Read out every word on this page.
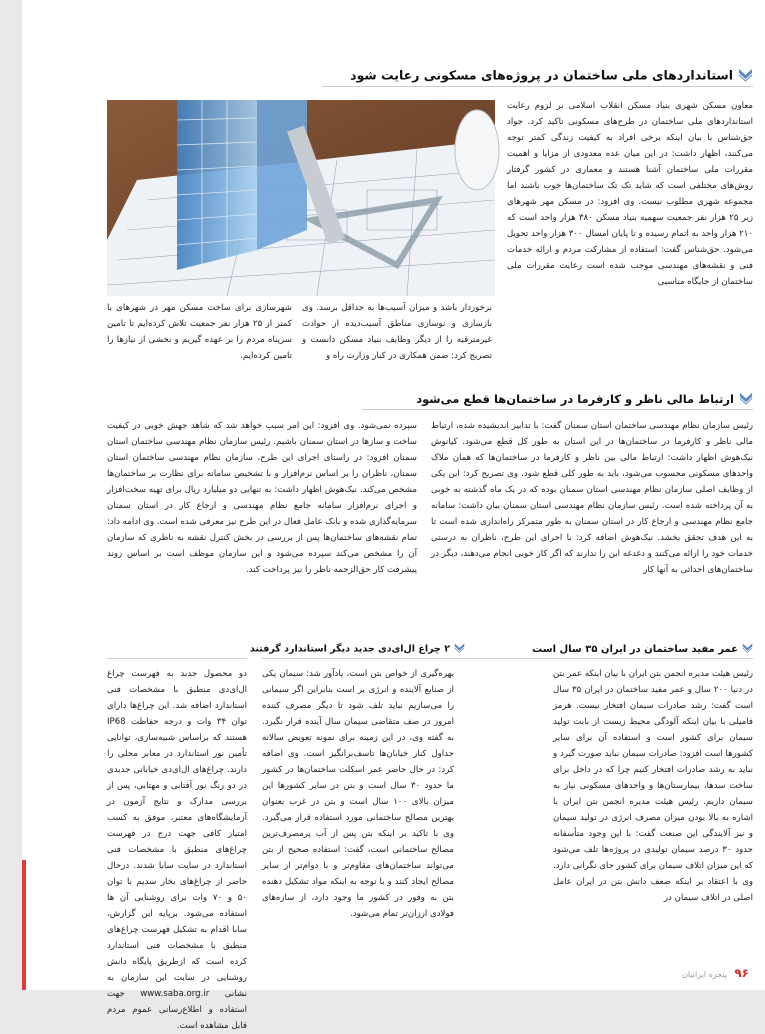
استانداردهای ملی ساختمان در پروژه‌های مسکونی رعایت شود
معاون مسکن شهری بنیاد مسکن انقلاب اسلامی بر لزوم رعایت استانداردهای ملی ساختمان در طرح‌های مسکونی تاکید کرد. جواد حق‌شناس با بیان اینکه برخی افراد به کیفیت زندگی کمتر توجه می‌کنند، اظهار داشت: در این میان عده معدودی از مزایا و اهمیت مقررات ملی ساختمان آشنا هستند و معماری در کشور گرفتار روش‌های مختلفی است که شاید تک تک ساختمان‌ها خوب باشند اما مجموعه شهری مطلوب نیست. وی افزود: در مسکن مهر شهرهای زیر ۲۵ هزار نفر جمعیت سهمیه بنیاد مسکن ۳۸۰ هزار واحد است که ۲۱۰ هزار واحد به اتمام رسیده و تا پایان امسال ۳۰۰ هزار واحد تحویل می‌شود. حق‌شناس گفت: استفاده از مشارکت مردم و ارائه خدمات فنی و نقشه‌های مهندسی موجب شده است رعایت مقررات ملی ساختمان از جایگاه مناسبی
برخوردار باشد و میزان آسیب‌ها به حداقل برسد. وی بازسازی و نوسازی مناطق آسیب‌دیده از حوادث غیرمترقبه را از دیگر وظایف بنیاد مسکن دانست و تصریح کرد: ضمن همکاری در کنار وزارت راه و
شهرسازی برای ساخت مسکن مهر در شهرهای با کمتر از ۲۵ هزار نفر جمعیت تلاش کرده‌ایم تا تامین سرپناه مردم را بر عهده گیریم و بخشی از نیازها را تامین کرده‌ایم.
ارتباط مالی ناظر و کارفرما در ساختمان‌ها قطع می‌شود
رئیس سازمان نظام مهندسی ساختمان استان سمنان گفت: با تدابیر اندیشیده شده، ارتباط مالی ناظر و کارفرما در ساختمان‌ها در این استان به طور کل قطع می‌شود. کیانوش نیک‌هوش اظهار داشت: ارتباط مالی بین ناظر و کارفرما در ساختمان‌ها که همان ملاک واحدهای مسکونی محسوب می‌شود، باید به طور کلی قطع شود. وی تصریح کرد: این یکی از وظایف اصلی سازمان نظام مهندسی استان سمنان بوده که در یک ماه گذشته به خوبی به آن پرداخته شده است. رئیس سازمان نظام مهندسی استان سمنان بیان داشت: سامانه جامع نظام مهندسی و ارجاع کار در استان سمنان به طور متمرکز راه‌اندازی شده است تا به این هدف تحقق بخشد. نیک‌هوش اضافه کرد: با اجرای این طرح، ناظران به درستی خدمات خود را ارائه می‌کنند و دغدغه این را ندارند که اگر کار خوبی انجام می‌دهند، دیگر در ساختمان‌های احداثی به آنها کار
سپرده نمی‌شود. وی افزود: این امر سبب خواهد شد که شاهد جهش خوبی در کیفیت ساخت و سازها در استان سمنان باشیم. رئیس سازمان نظام مهندسی ساختمان استان سمنان افزود: در راستای اجرای این طرح، سازمان نظام مهندسی ساختمان استان سمنان، ناظران را بر اساس نرم‌افزار و با تشخیص سامانه برای نظارت بر ساختمان‌ها مشخص می‌کند. نیک‌هوش اظهار داشت: به تنهایی دو میلیارد ریال برای تهیه سخت‌افزار و اجرای نرم‌افزار سامانه جامع نظام مهندسی و ارجاع کار در استان سمنان سرمایه‌گذاری شده و بانک عامل فعال در این طرح نیز معرفی شده است. وی ادامه داد: تمام نقشه‌های ساختمان‌ها پس از بررسی در بخش کنترل نقشه به ناظری که سازمان آن را مشخص می‌کند سپرده می‌شود و این سازمان موظف است بر اساس روند پیشرفت کار حق‌الزحمه ناظر را نیز پرداخت کند.
عمر مفید ساختمان در ایران ۳۵ سال است
رئیس هیئت مدیره انجمن بتن ایران با بیان اینکه عمر بتن در دنیا ۲۰۰ سال و عمر مفید ساختمان در ایران ۳۵ سال است گفت: رشد صادرات سیمان افتخار نیست. هرمز فامیلی با بیان اینکه آلودگی محیط زیست از بابت تولید سیمان برای کشور است و استفاده آن برای سایر کشورها است افزود: صادرات سیمان نباید صورت گیرد و نباید به رشد صادرات افتخار کنیم چرا که در داخل برای ساخت سدها، بیمارستان‌ها و واحدهای مسکونی نیاز به سیمان داریم. رئیس هیئت مدیره انجمن بتن ایران با اشاره به بالا بودن میزان مصرف انرژی در تولید سیمان و نیز آلایندگی این صنعت گفت: با این وجود متأسفانه حدود ۳۰ درصد سیمان تولیدی در پروژه‌ها تلف می‌شود که این میزان اتلاف سیمان برای کشور جای نگرانی دارد. وی با اعتقاد بر اینکه ضعف دانش بتن در ایران عامل اصلی در اتلاف سیمان در
بهره‌گیری از خواص بتن است، یادآور شد: سیمان یکی از صنایع آلاینده و انرژی بر است بنابراین اگر سیمانی را می‌سازیم نباید تلف شود تا دیگر مصرف کننده امروز در صف متقاضی سیمان سال آینده قرار نگیرد. به گفته وی، در این زمینه برای نمونه تعویض سالانه جداول کنار خیابان‌ها تاسف‌برانگیز است. وی اضافه کرد: در حال حاضر عمر اسکلت ساختمان‌ها در کشور ما حدود ۳۰ سال است و بتن در سایر کشورها این میزان بالای ۱۰۰ سال است و بتن در غرب بعنوان بهترین مصالح ساختمانی مورد استفاده قرار می‌گیرد. وی با تاکید بر اینکه بتن پس از آب پرمصرف‌ترین مصالح ساختمانی است، گفت: استفاده صحیح از بتن می‌تواند ساختمان‌های مقاوم‌تر و با دوام‌تر از سایر مصالح ایجاد کنند و با توجه به اینکه مواد تشکیل دهنده بتن به وفور در کشور ما وجود دارد، از سازه‌های فولادی ارزان‌تر تمام می‌شود.
۲ چراغ ال‌ای‌دی جدید دیگر استاندارد گرفتند
دو محصول جدید به فهرست چراغ ال‌ای‌دی منطبق با مشخصات فنی استاندارد اضافه شد. این چراغ‌ها دارای توان ۳۴ وات و درجه حفاظت IP68 هستند که براساس شبیه‌سازی، توانایی تأمین نور استاندارد در معابر محلی را دارند. چراغ‌های ال‌ای‌دی خیابانی جدیدی در دو رنگ نور آفتابی و مهتابی، پس از بررسی مدارک و نتایج آزمون در آزمایشگاه‌های معتبر، موفق به کسب امتیاز کافی جهت درج در فهرست چراغ‌های منطبق با مشخصات فنی استاندارد در سایت سابا شدند. درحال حاضر از چراغ‌های بخار سدیم با توان ۵۰ و ۷۰ وات برای روشنایی آن ها استفاده می‌شود. برپایه این گزارش، سابا اقدام به تشکیل فهرست چراغ‌های منطبق با مشخصات فنی استاندارد کرده است که ازطریق پایگاه دانش روشنایی در سایت این سازمان به نشانی www.saba.org.ir جهت استفاده و اطلاع‌رسانی عموم مردم قابل مشاهده است.
۹۶
پنجره ایرانیان
